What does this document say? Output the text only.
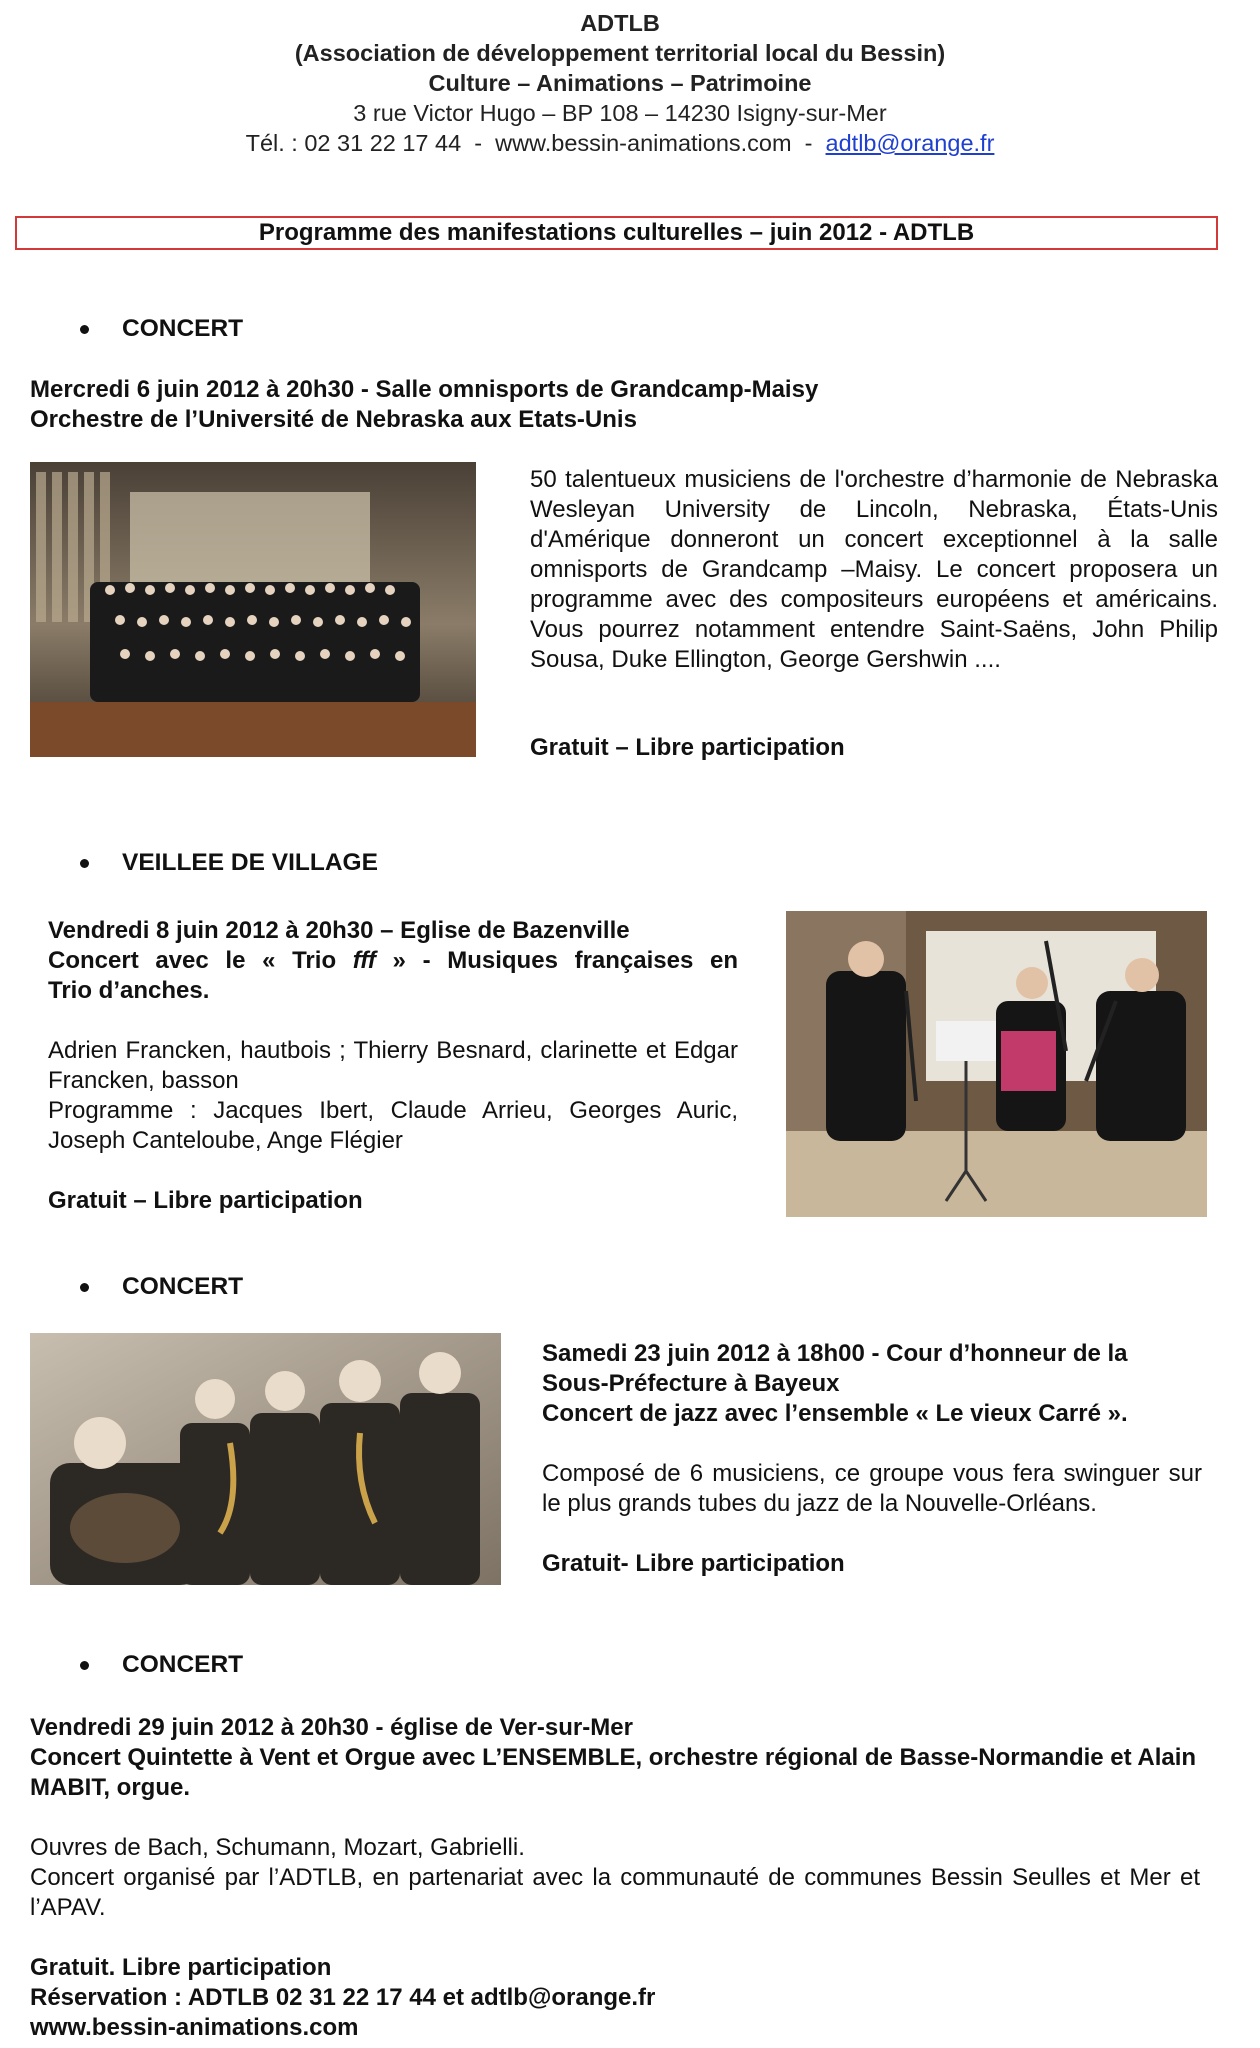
ADTLB
(Association de développement territorial local du Bessin)
Culture – Animations – Patrimoine
3 rue Victor Hugo – BP 108 – 14230 Isigny-sur-Mer
Tél. : 02 31 22 17 44  -  www.bessin-animations.com  -  adtlb@orange.fr
Programme des manifestations culturelles – juin 2012 - ADTLB
CONCERT
Mercredi 6 juin 2012 à 20h30 - Salle omnisports de Grandcamp-Maisy
Orchestre de l’Université de Nebraska aux Etats-Unis
50 talentueux musiciens de l'orchestre d’harmonie de Nebraska Wesleyan University de Lincoln, Nebraska, États-Unis d'Amérique donneront un concert exceptionnel à la salle omnisports de Grandcamp –Maisy. Le concert proposera un programme avec des compositeurs européens et américains. Vous pourrez notamment entendre Saint-Saëns, John Philip Sousa, Duke Ellington, George Gershwin ....
Gratuit – Libre participation
VEILLEE DE VILLAGE
Vendredi 8 juin 2012 à 20h30 – Eglise de Bazenville
Concert avec le « Trio fff » - Musiques françaises en
Trio d’anches.
Adrien Francken, hautbois ; Thierry Besnard, clarinette et Edgar Francken, basson
Programme : Jacques Ibert, Claude Arrieu, Georges Auric, Joseph Canteloube, Ange Flégier
Gratuit – Libre participation
CONCERT
Samedi 23 juin 2012 à 18h00 - Cour d’honneur de la
Sous-Préfecture à Bayeux
Concert de jazz avec l’ensemble « Le vieux Carré ».
Composé de 6 musiciens, ce groupe vous fera swinguer sur le plus grands tubes du jazz de la Nouvelle-Orléans.
Gratuit- Libre participation
CONCERT
Vendredi 29 juin 2012 à 20h30 - église de Ver-sur-Mer
Concert Quintette à Vent et Orgue avec L’ENSEMBLE, orchestre régional de Basse-Normandie et Alain MABIT, orgue.
Ouvres de Bach, Schumann, Mozart, Gabrielli.
Concert organisé par l’ADTLB, en partenariat avec la communauté de communes Bessin Seulles et Mer et l’APAV.
Gratuit. Libre participation
Réservation : ADTLB 02 31 22 17 44 et adtlb@orange.fr
www.bessin-animations.com
